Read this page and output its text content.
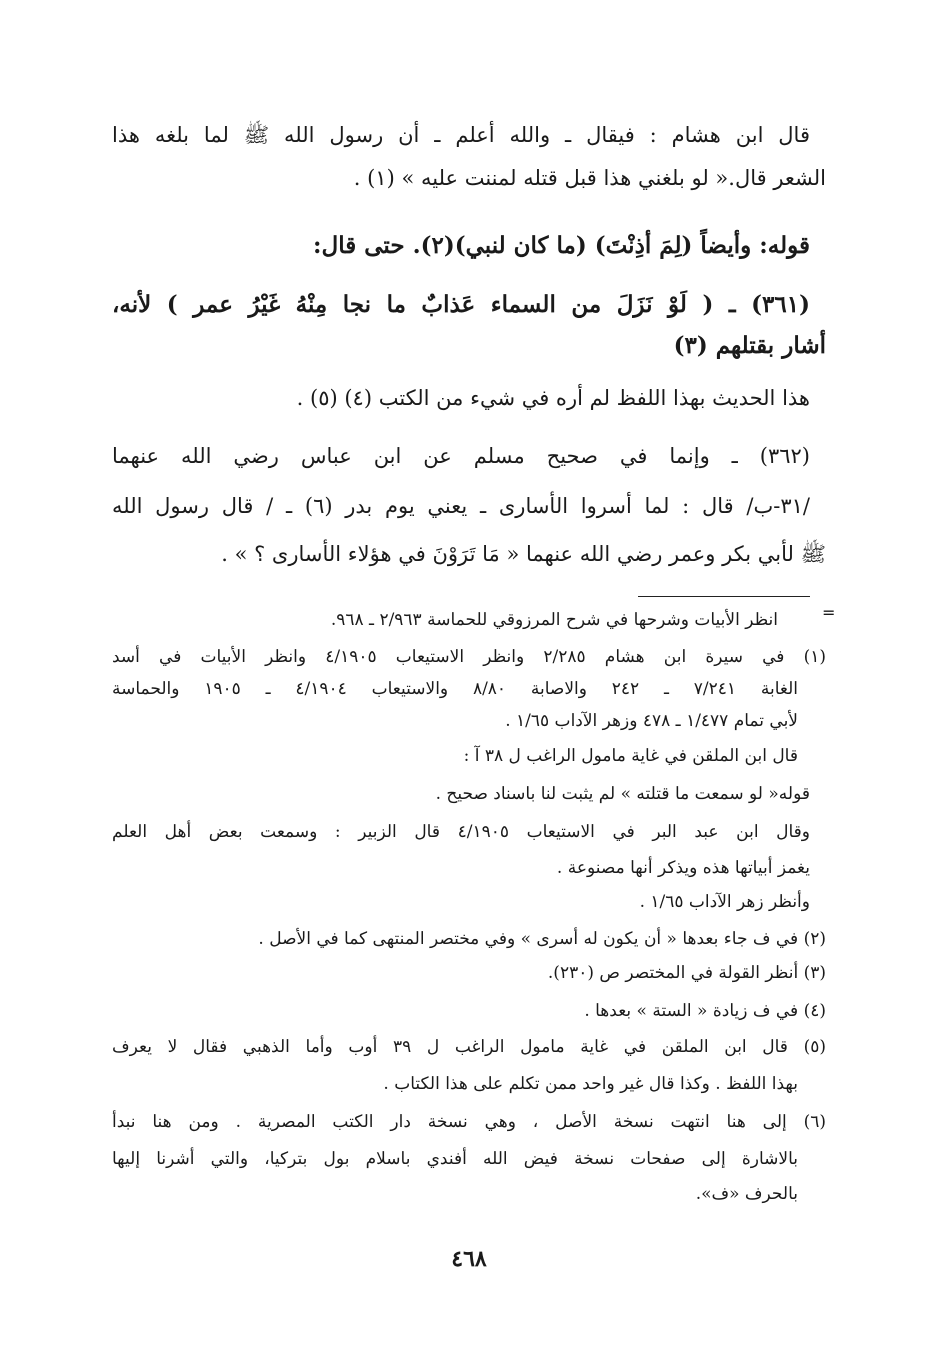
قال ابن هشام : فيقال ـ والله أعلم ـ أن رسول الله ﷺ لما بلغه هذا
الشعر قال.« لو بلغني هذا قبل قتله لمننت عليه » (١) .
قوله: وأيضاً (لِمَ أذِنْتَ) (ما كان لنبي)(٢). حتى قال:
(٣٦١) ـ ( لَوْ نَزَلَ من السماء عَذابٌ ما نجا مِنْهُ غَيْرُ عمر ) لأنه،
أشار بقتلهم (٣)
هذا الحديث بهذا اللفظ لم أره في شيء من الكتب (٤) (٥) .
(٣٦٢) ـ وإنما في صحيح مسلم عن ابن عباس رضي الله عنهما
/٣١-ب/ قال : لما أسروا الأسارى ـ يعني يوم بدر (٦) ـ / قال رسول الله
ﷺ لأبي بكر وعمر رضي الله عنهما « مَا تَرَوْنَ في هؤلاء الأسارى ؟ » .
=
انظر الأبيات وشرحها في شرح المرزوقي للحماسة ٢/٩٦٣ ـ ٩٦٨.
(١) في سيرة ابن هشام ٢/٢٨٥ وانظر الاستيعاب ٤/١٩٠٥ وانظر الأبيات في أسد
الغابة ٧/٢٤١ ـ ٢٤٢ والاصابة ٨/٨٠ والاستيعاب ٤/١٩٠٤ ـ ١٩٠٥ والحماسة
لأبي تمام ١/٤٧٧ ـ ٤٧٨ وزهر الآداب ١/٦٥ .
قال ابن الملقن في غاية مامول الراغب ل ٣٨ آ :
قوله« لو سمعت ما قتلته » لم يثبت لنا باسناد صحيح .
وقال ابن عبد البر في الاستيعاب ٤/١٩٠٥ قال الزبير : وسمعت بعض أهل العلم
يغمز أبياتها هذه ويذكر أنها مصنوعة .
وأنظر زهر الآداب ١/٦٥ .
(٢) في ف جاء بعدها « أن يكون له أسرى » وفي مختصر المنتهى كما في الأصل .
(٣) أنظر القولة في المختصر ص (٢٣٠).
(٤) في ف زيادة « الستة » بعدها .
(٥) قال ابن الملقن في غاية مامول الراغب ل ٣٩ أوب وأما الذهبي فقال لا يعرف
بهذا اللفظ . وكذا قال غير واحد ممن تكلم على هذا الكتاب .
(٦) إلى هنا انتهت نسخة الأصل ، وهي نسخة دار الكتب المصرية . ومن هنا نبدأ
بالاشارة إلى صفحات نسخة فيض الله أفندي باسلام بول بتركيا، والتي أشرنا إليها
بالحرف «ف».
٤٦٨
